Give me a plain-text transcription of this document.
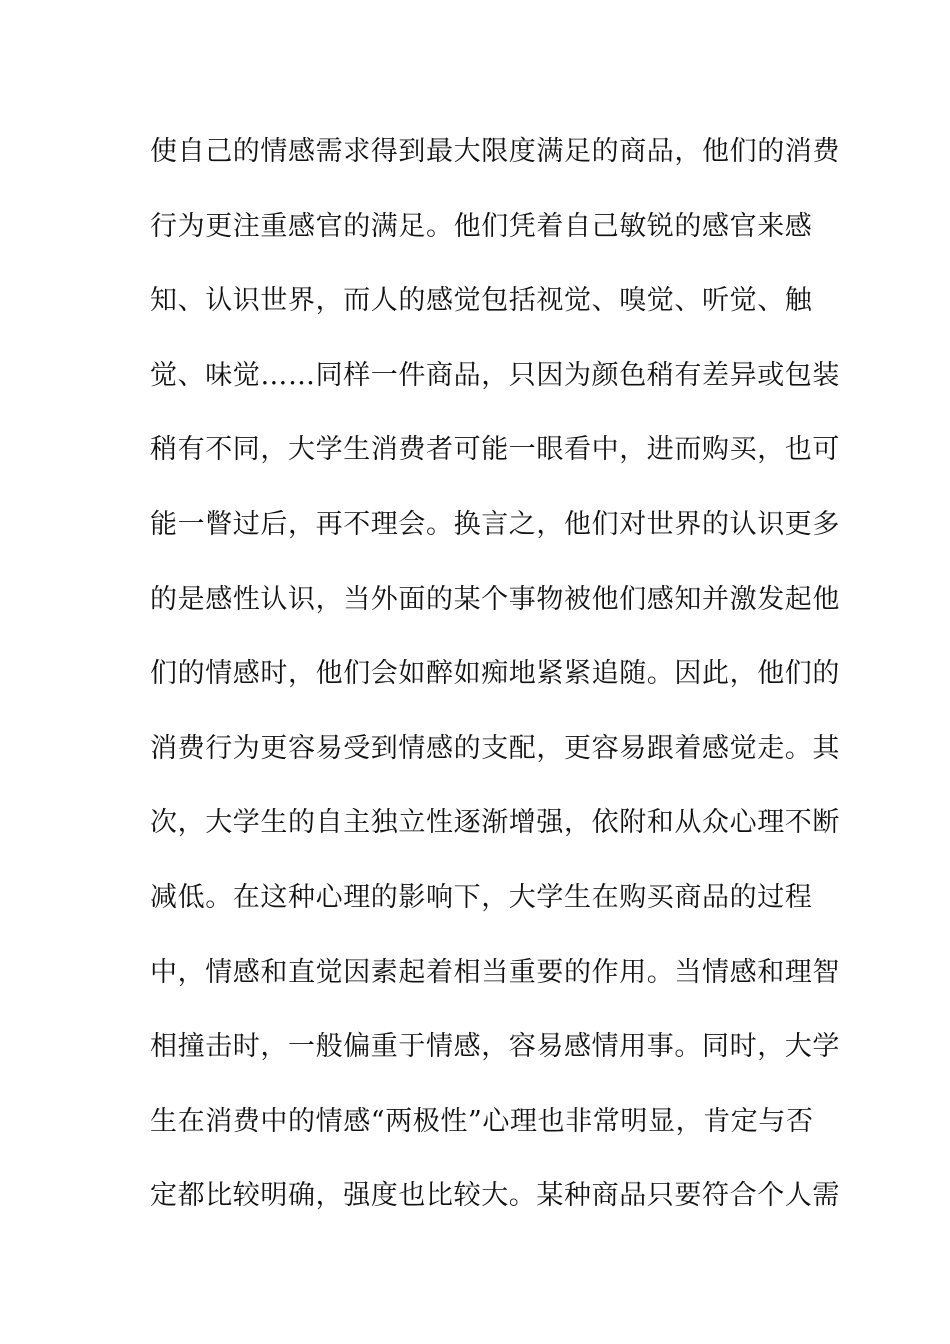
使自己的情感需求得到最大限度满足的商品，他们的消费
行为更注重感官的满足。他们凭着自己敏锐的感官来感
知、认识世界，而人的感觉包括视觉、嗅觉、听觉、触
觉、味觉……同样一件商品，只因为颜色稍有差异或包装
稍有不同，大学生消费者可能一眼看中，进而购买，也可
能一瞥过后，再不理会。换言之，他们对世界的认识更多
的是感性认识，当外面的某个事物被他们感知并激发起他
们的情感时，他们会如醉如痴地紧紧追随。因此，他们的
消费行为更容易受到情感的支配，更容易跟着感觉走。其
次，大学生的自主独立性逐渐增强，依附和从众心理不断
减低。在这种心理的影响下，大学生在购买商品的过程
中，情感和直觉因素起着相当重要的作用。当情感和理智
相撞击时，一般偏重于情感，容易感情用事。同时，大学
生在消费中的情感“两极性”心理也非常明显，肯定与否
定都比较明确，强度也比较大。某种商品只要符合个人需
